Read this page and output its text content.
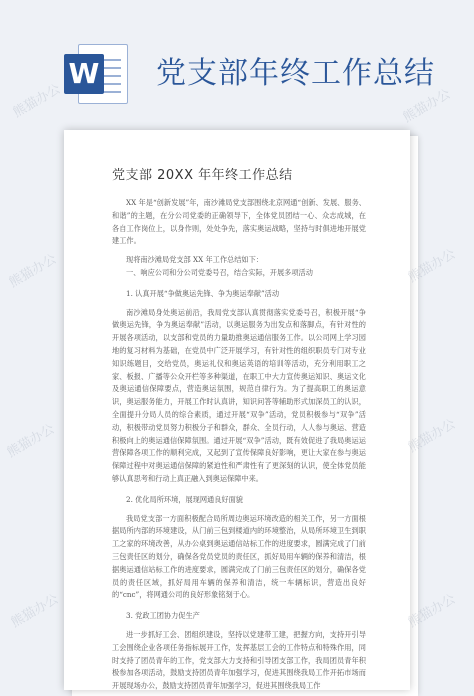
W 党支部年终工作总结
党支部 20XX 年年终工作总结

XX 年是“创新发展”年，南沙滩局党支部围绕北京网通“创新、发展、服务、和谐”的主题，在分公司党委的正确领导下，全体党员团结一心、众志成城，在各自工作岗位上，以身作则，处处争先，落实奥运战略，坚持与时俱进地开展党建工作。

现将南沙滩局党支部 XX 年工作总结如下：

一、响应公司和分公司党委号召，结合实际，开展多项活动

1. 认真开展“争做奥运先锋、争为奥运奉献”活动

南沙滩局身处奥运前沿，我局党支部认真贯彻落实党委号召，积极开展“争做奥运先锋，争为奥运奉献”活动，以奥运服务为出发点和落脚点，有针对性的开展各项活动，以支部和党员的力量助推奥运通信服务工作。以公司网上学习园地的复习材料为基础，在党员中广泛开展学习，有针对性的组织职员专门对专业知识练题目，交给党员，奥运礼仪和奥运英语的培训等活动，充分利用职工之家、板报、广播等公众开栏等多种渠道，在职工中大力宣传奥运知识、奥运文化及奥运通信保障要点，营造奥运氛围，规范自律行为。为了提高职工的奥运意识，奥运服务能力，开展工作时认真讲，知识问答等辅助形式加深员工的认识，全面提升分局人员的综合素质，通过开展“双争”活动，党员积极参与“双争”活动，积极带动党员努力积极分子和群众，群众、全员行动，人人参与奥运、营造积极向上的奥运通信保障氛围。通过开展“双争”活动，既有效促进了我局奥运运营保障各项工作的顺利完成，又起到了宣传保障良好影响，更让大家在参与奥运保障过程中对奥运通信保障的紧迫性和严肃性有了更深刻的认识，使全体党员能够认真思考和行动上真正融入到奥运保障中来。

2. 优化局所环境，展现网通良好面貌

我局党支部一方面积极配合局所周边奥运环境改造的相关工作，另一方面根据局所内部的环境建设，从门前三包到楼道内的环境整治，从局所环境卫生到职工之家的环境改善，从办公桌到奥运通信站标工作的进度要求，圆满完成了门前三包责任区的划分，确保各党员党员的责任区，抓好局用车辆的保养和清洁，根据奥运通信站标工作的进度要求，圆满完成了门前三包责任区的划分，确保各党员的责任区域，抓好局用车辆的保养和清洁，统一车辆标识，营造出良好的“cnc”，将网通公司的良好形象铭刻于心。

3. 党政工团协力促生产

进一步抓好工会、团组织建设，坚持以党建带工建，把握方向，支持开引导工会围绕企业各项任务指标展开工作，发挥基层工会的工作特点和特殊作用，同时支持了团员青年的工作，党支部大力支持和引导团支部工作，我局团员青年积极参加各项活动，鼓励支持团员青年加强学习，促进其围绕我局工作开拓市场而开展现场办公，鼓励支持团员青年加强学习，促进其围绕我局工作

熊猫办公	熊猫办公
熊猫办公	熊猫办公
熊猫办公	熊猫办公
熊猫办公	熊猫办公
